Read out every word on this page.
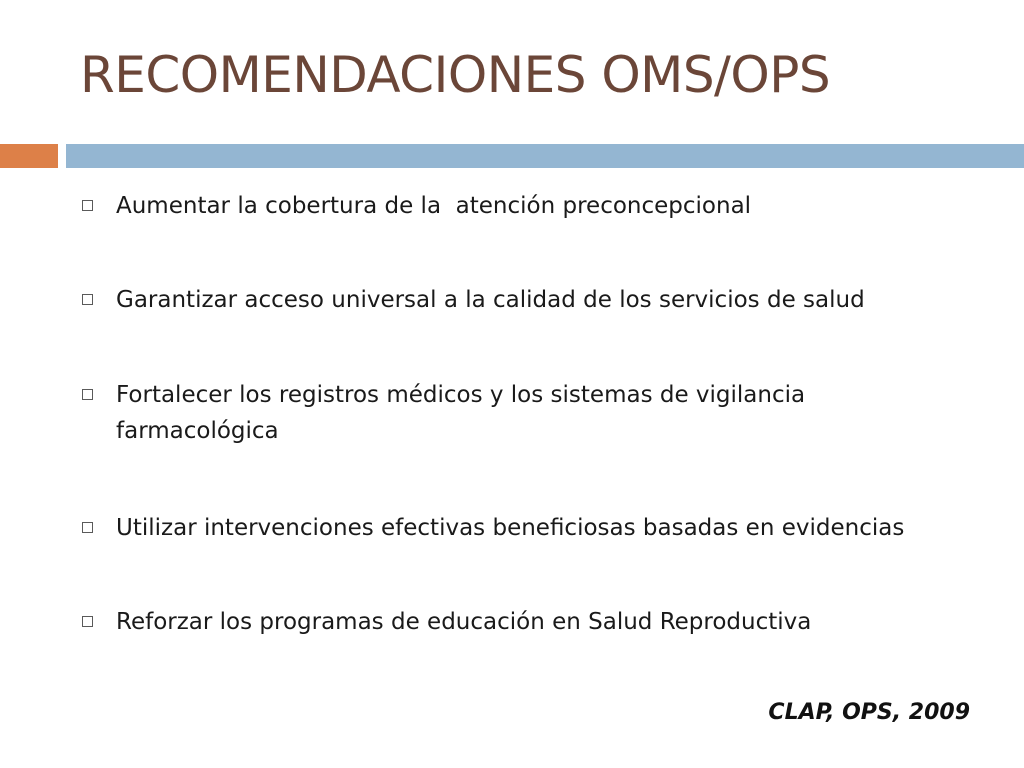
RECOMENDACIONES OMS/OPS
Aumentar la cobertura de la  atención preconcepcional
Garantizar acceso universal a la calidad de los servicios de salud
Fortalecer los registros médicos y los sistemas de vigilancia farmacológica
Utilizar intervenciones efectivas beneficiosas basadas en evidencias
Reforzar los programas de educación en Salud Reproductiva
CLAP, OPS, 2009
